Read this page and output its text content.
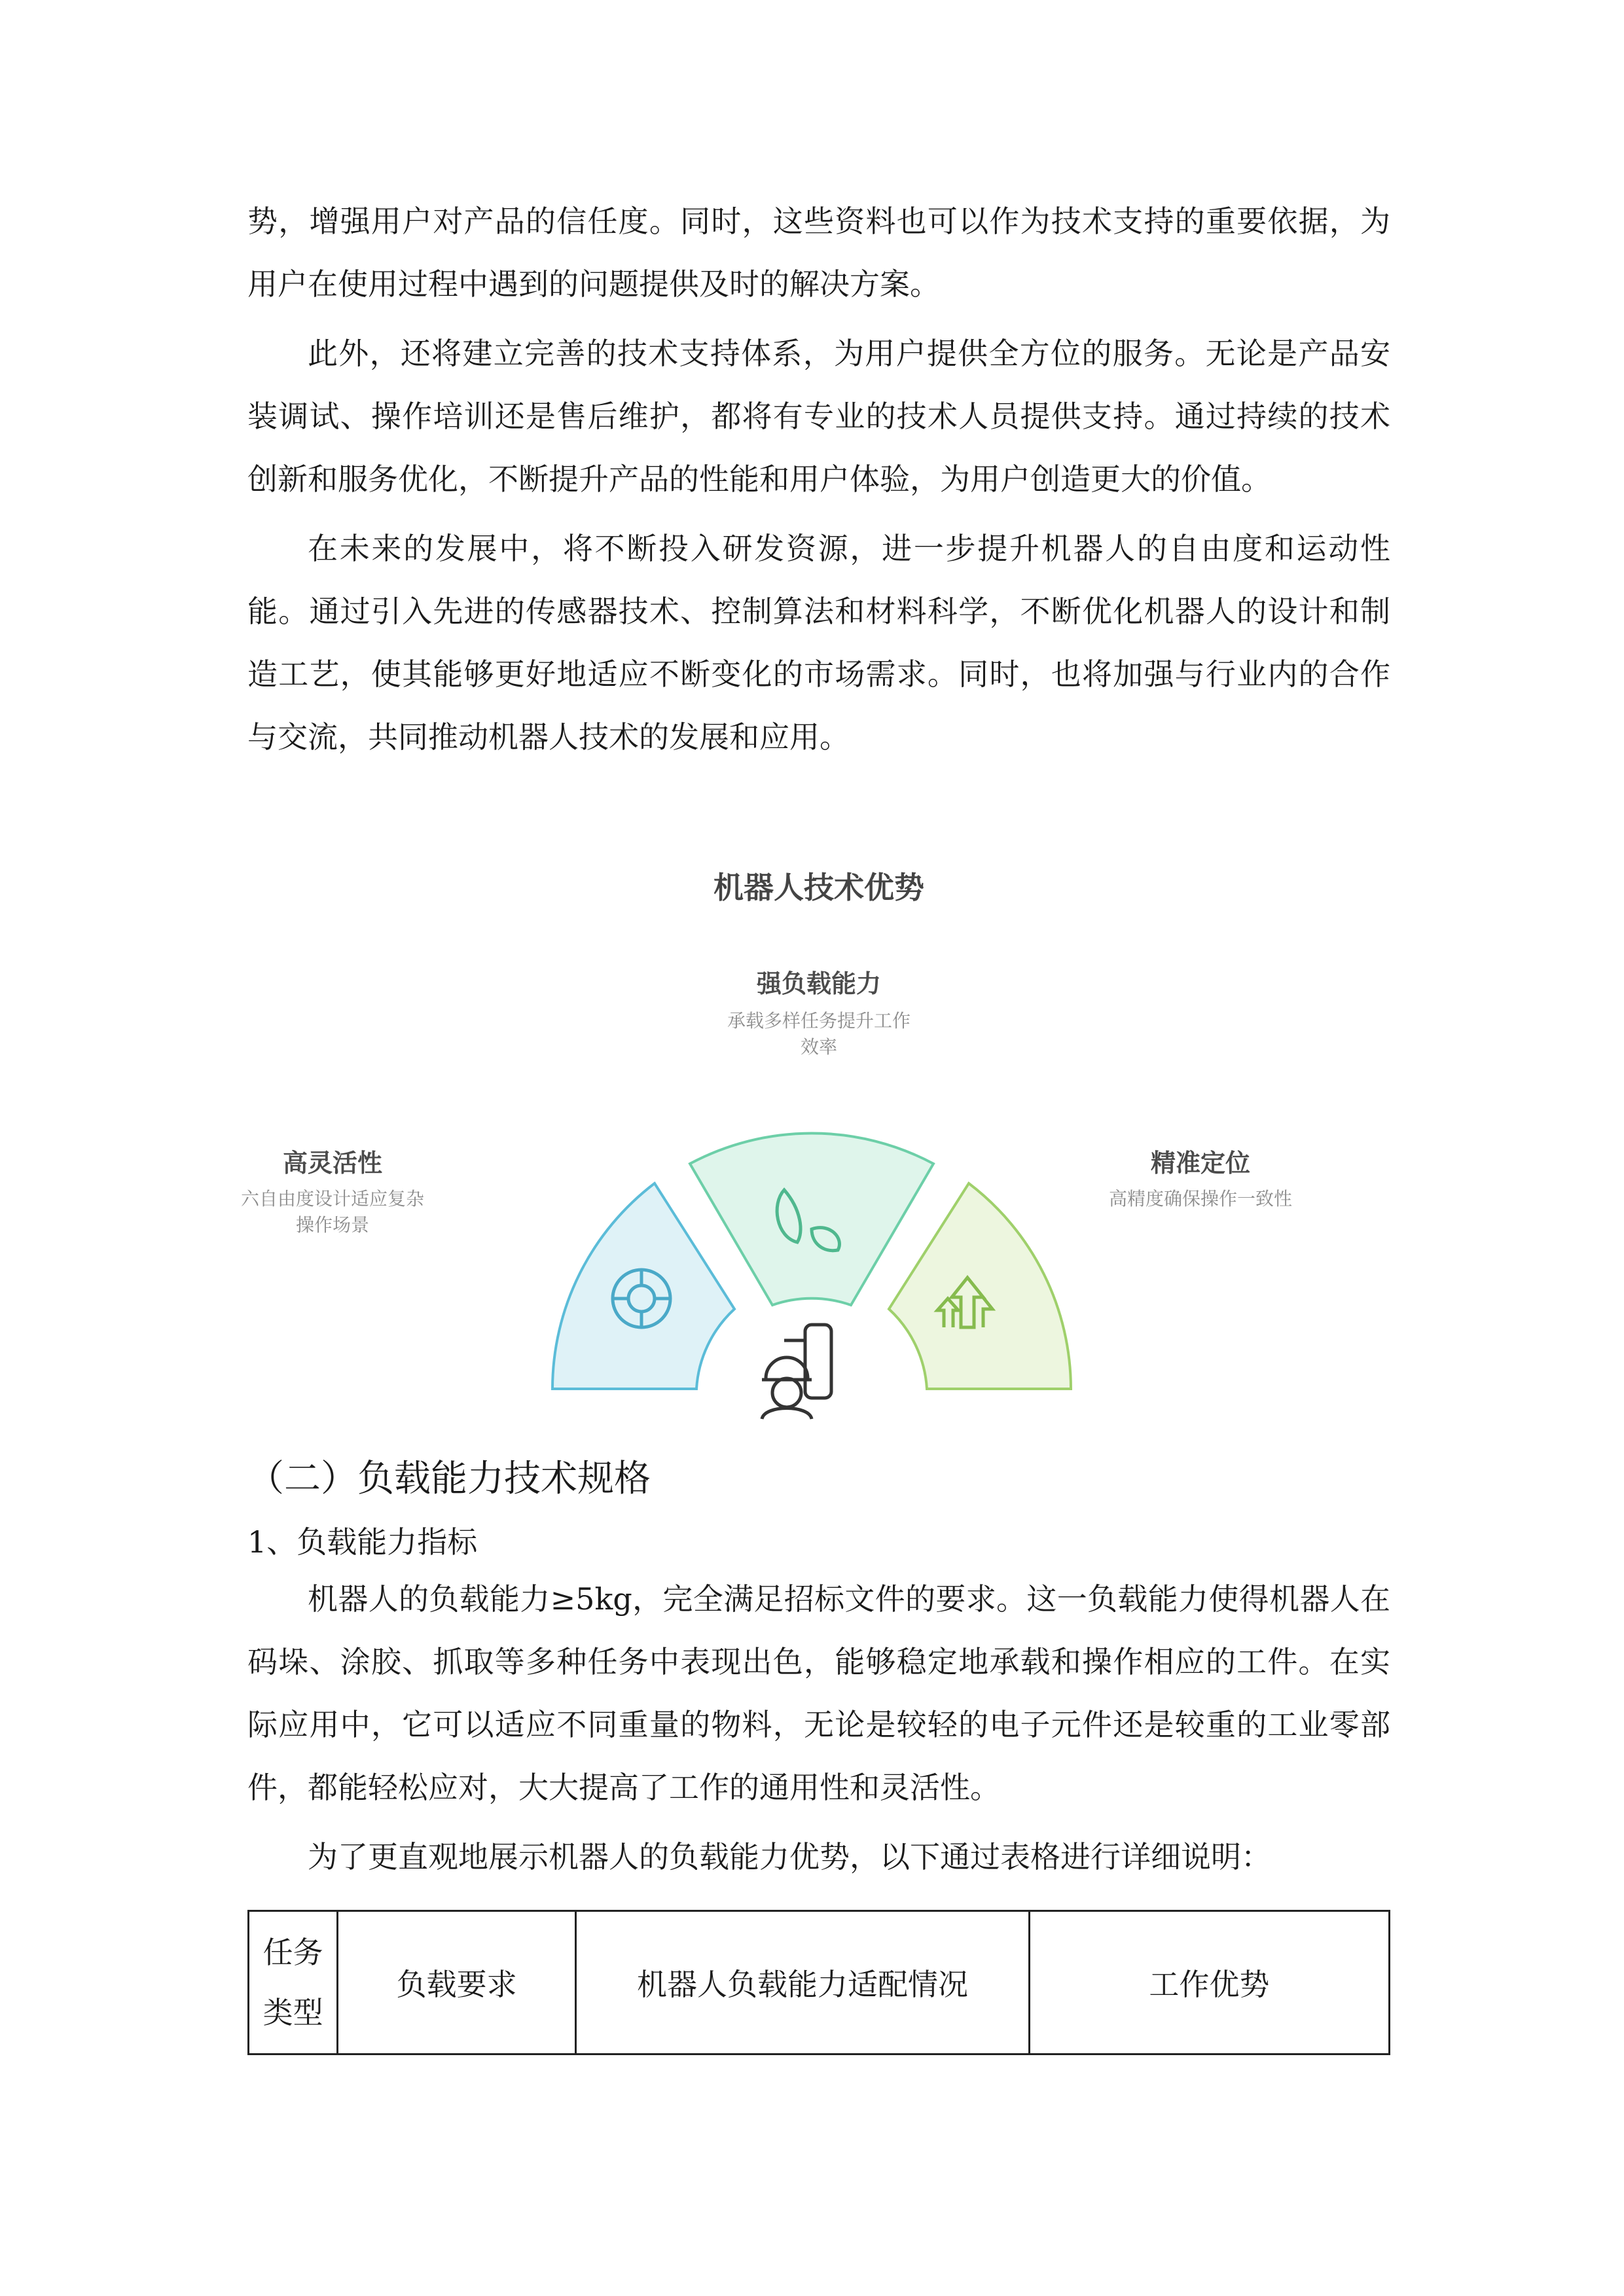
势，增强用户对产品的信任度。同时，这些资料也可以作为技术支持的重要依据，为用户在使用过程中遇到的问题提供及时的解决方案。

此外，还将建立完善的技术支持体系，为用户提供全方位的服务。无论是产品安装调试、操作培训还是售后维护，都将有专业的技术人员提供支持。通过持续的技术创新和服务优化，不断提升产品的性能和用户体验，为用户创造更大的价值。

在未来的发展中，将不断投入研发资源，进一步提升机器人的自由度和运动性能。通过引入先进的传感器技术、控制算法和材料科学，不断优化机器人的设计和制造工艺，使其能够更好地适应不断变化的市场需求。同时，也将加强与行业内的合作与交流，共同推动机器人技术的发展和应用。

机器人技术优势
强负载能力
承载多样任务提升工作
效率
高灵活性
六自由度设计适应复杂
操作场景
精准定位
高精度确保操作一致性
（二）负载能力技术规格
1、负载能力指标

机器人的负载能力≥5kg，完全满足招标文件的要求。这一负载能力使得机器人在码垛、涂胶、抓取等多种任务中表现出色，能够稳定地承载和操作相应的工件。在实际应用中，它可以适应不同重量的物料，无论是较轻的电子元件还是较重的工业零部件，都能轻松应对，大大提高了工作的通用性和灵活性。

为了更直观地展示机器人的负载能力优势，以下通过表格进行详细说明：

任务
类型
	负载要求	机器人负载能力适配情况	工作优势
